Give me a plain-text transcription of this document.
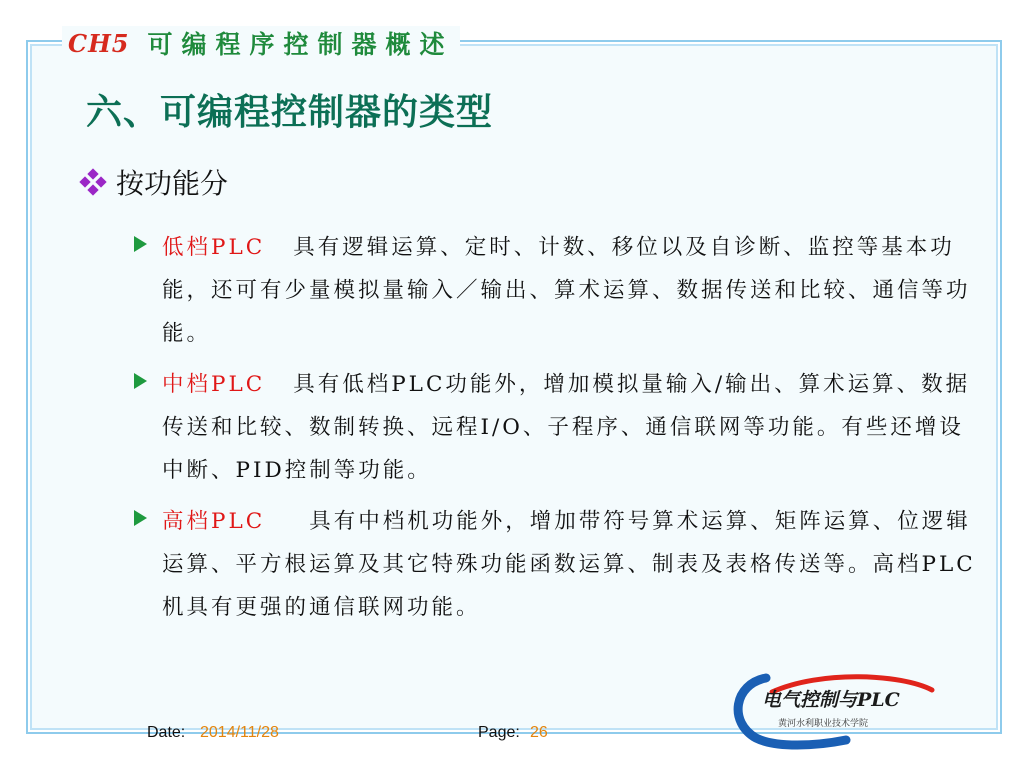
CH5 可编程序控制器概述
六、可编程控制器的类型
按功能分

低档PLC 具有逻辑运算、定时、计数、移位以及自诊断、监控等基本功能，还可有少量模拟量输入／输出、算术运算、数据传送和比较、通信等功能。

中档PLC 具有低档PLC功能外，增加模拟量输入/输出、算术运算、数据传送和比较、数制转换、远程I/O、子程序、通信联网等功能。有些还增设中断、PID控制等功能。

高档PLC 具有中档机功能外，增加带符号算术运算、矩阵运算、位逻辑运算、平方根运算及其它特殊功能函数运算、制表及表格传送等。高档PLC机具有更强的通信联网功能。

Date: 2014/11/28	Page: 26
电气控制与PLC
黄河水利职业技术学院
